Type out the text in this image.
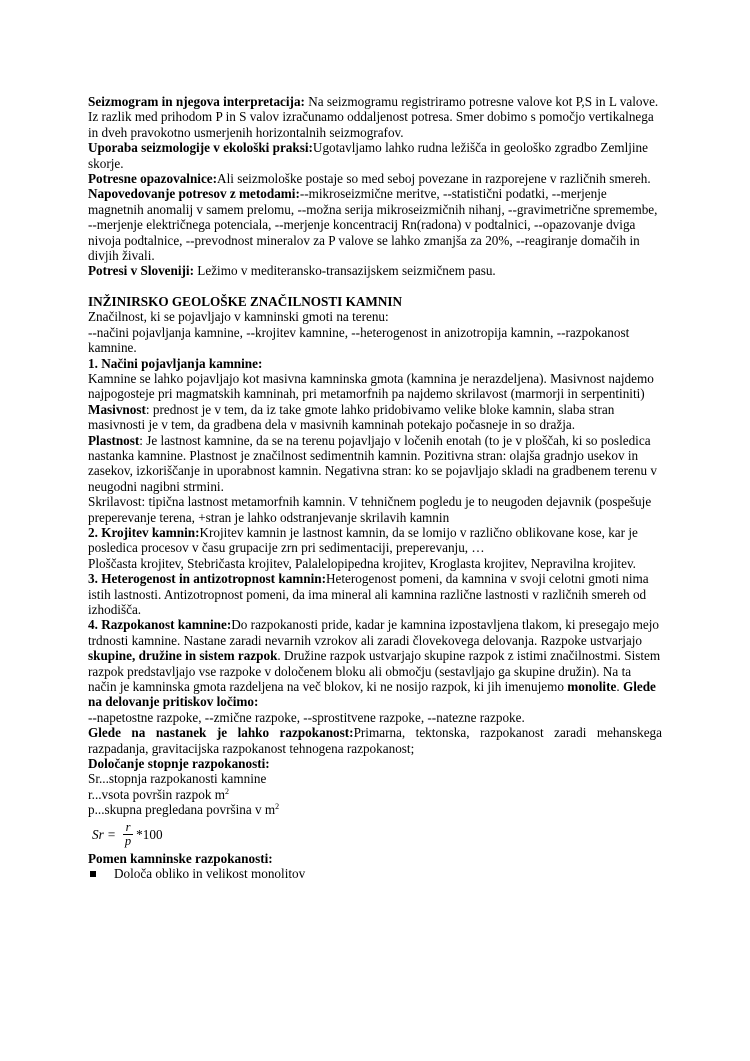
Seizmogram in njegova interpretacija: Na seizmogramu registriramo potresne valove kot P,S in L valove. Iz razlik med prihodom P in S valov izračunamo oddaljenost potresa. Smer dobimo s pomočjo vertikalnega in dveh pravokotno usmerjenih horizontalnih seizmografov.

Uporaba seizmologije v ekološki praksi:Ugotavljamo lahko rudna ležišča in geološko zgradbo Zemljine skorje.

Potresne opazovalnice:Ali seizmološke postaje so med seboj povezane in razporejene v različnih smereh.

Napovedovanje potresov z metodami:--mikroseizmične meritve, --statistični podatki, --merjenje magnetnih anomalij v samem prelomu, --možna serija mikroseizmičnih nihanj, --gravimetrične spremembe, --merjenje električnega potenciala, --merjenje koncentracij Rn(radona) v podtalnici, --opazovanje dviga nivoja podtalnice, --prevodnost mineralov za P valove se lahko zmanjša za 20%, --reagiranje domačih in divjih živali.

Potresi v Sloveniji: Ležimo v mediteransko-transazijskem seizmičnem pasu.

INŽINIRSKO GEOLOŠKE ZNAČILNOSTI KAMNIN

Značilnost, ki se pojavljajo v kamninski gmoti na terenu:

--načini pojavljanja kamnine, --krojitev kamnine, --heterogenost in anizotropija kamnin, --razpokanost kamnine.

1. Načini pojavljanja kamnine:

Kamnine se lahko pojavljajo kot masivna kamninska gmota (kamnina je nerazdeljena). Masivnost najdemo najpogosteje pri magmatskih kamninah, pri metamorfnih pa najdemo skrilavost (marmorji in serpentiniti)

Masivnost: prednost je v tem, da iz take gmote lahko pridobivamo velike bloke kamnin, slaba stran masivnosti je v tem, da gradbena dela v masivnih kamninah potekajo počasneje in so dražja.

Plastnost: Je lastnost kamnine, da se na terenu pojavljajo v ločenih enotah (to je v ploščah, ki so posledica nastanka kamnine. Plastnost je značilnost sedimentnih kamnin. Pozitivna stran: olajša gradnjo usekov in zasekov, izkoriščanje in uporabnost kamnin. Negativna stran: ko se pojavljajo skladi na gradbenem terenu v neugodni nagibni strmini.

Skrilavost: tipična lastnost metamorfnih kamnin. V tehničnem pogledu je to neugoden dejavnik (pospešuje preperevanje terena, +stran je lahko odstranjevanje skrilavih kamnin

2. Krojitev kamnin:Krojitev kamnin je lastnost kamnin, da se lomijo v različno oblikovane kose, kar je posledica procesov v času grupacije zrn pri sedimentaciji, preperevanju, …

Ploščasta krojitev, Stebričasta krojitev, Palalelopipedna krojitev, Kroglasta krojitev, Nepravilna krojitev.

3. Heterogenost in antizotropnost kamnin:Heterogenost pomeni, da kamnina v svoji celotni gmoti nima istih lastnosti. Antizotropnost pomeni, da ima mineral ali kamnina različne lastnosti v različnih smereh od izhodišča.

4. Razpokanost kamnine:Do razpokanosti pride, kadar je kamnina izpostavljena tlakom, ki presegajo mejo trdnosti kamnine. Nastane zaradi nevarnih vzrokov ali zaradi človekovega delovanja. Razpoke ustvarjajo skupine, družine in sistem razpok. Družine razpok ustvarjajo skupine razpok z istimi značilnostmi. Sistem razpok predstavljajo vse razpoke v določenem bloku ali območju (sestavljajo ga skupine družin). Na ta način je kamninska gmota razdeljena na več blokov, ki ne nosijo razpok, ki jih imenujemo monolite. Glede na delovanje pritiskov ločimo:

--napetostne razpoke, --zmične razpoke, --sprostitvene razpoke, --natezne razpoke.

Glede na nastanek je lahko razpokanost:Primarna, tektonska, razpokanost zaradi mehanskega

razpadanja, gravitacijska razpokanost tehnogena razpokanost;

Določanje stopnje razpokanosti:

Sr...stopnja razpokanosti kamnine

r...vsota površin razpok $m^2$

p...skupna pregledana površina v $m^2$

$Sr = \frac{r}{p} *100$

Pomen kamninske razpokanosti:

Določa obliko in velikost monolitov
